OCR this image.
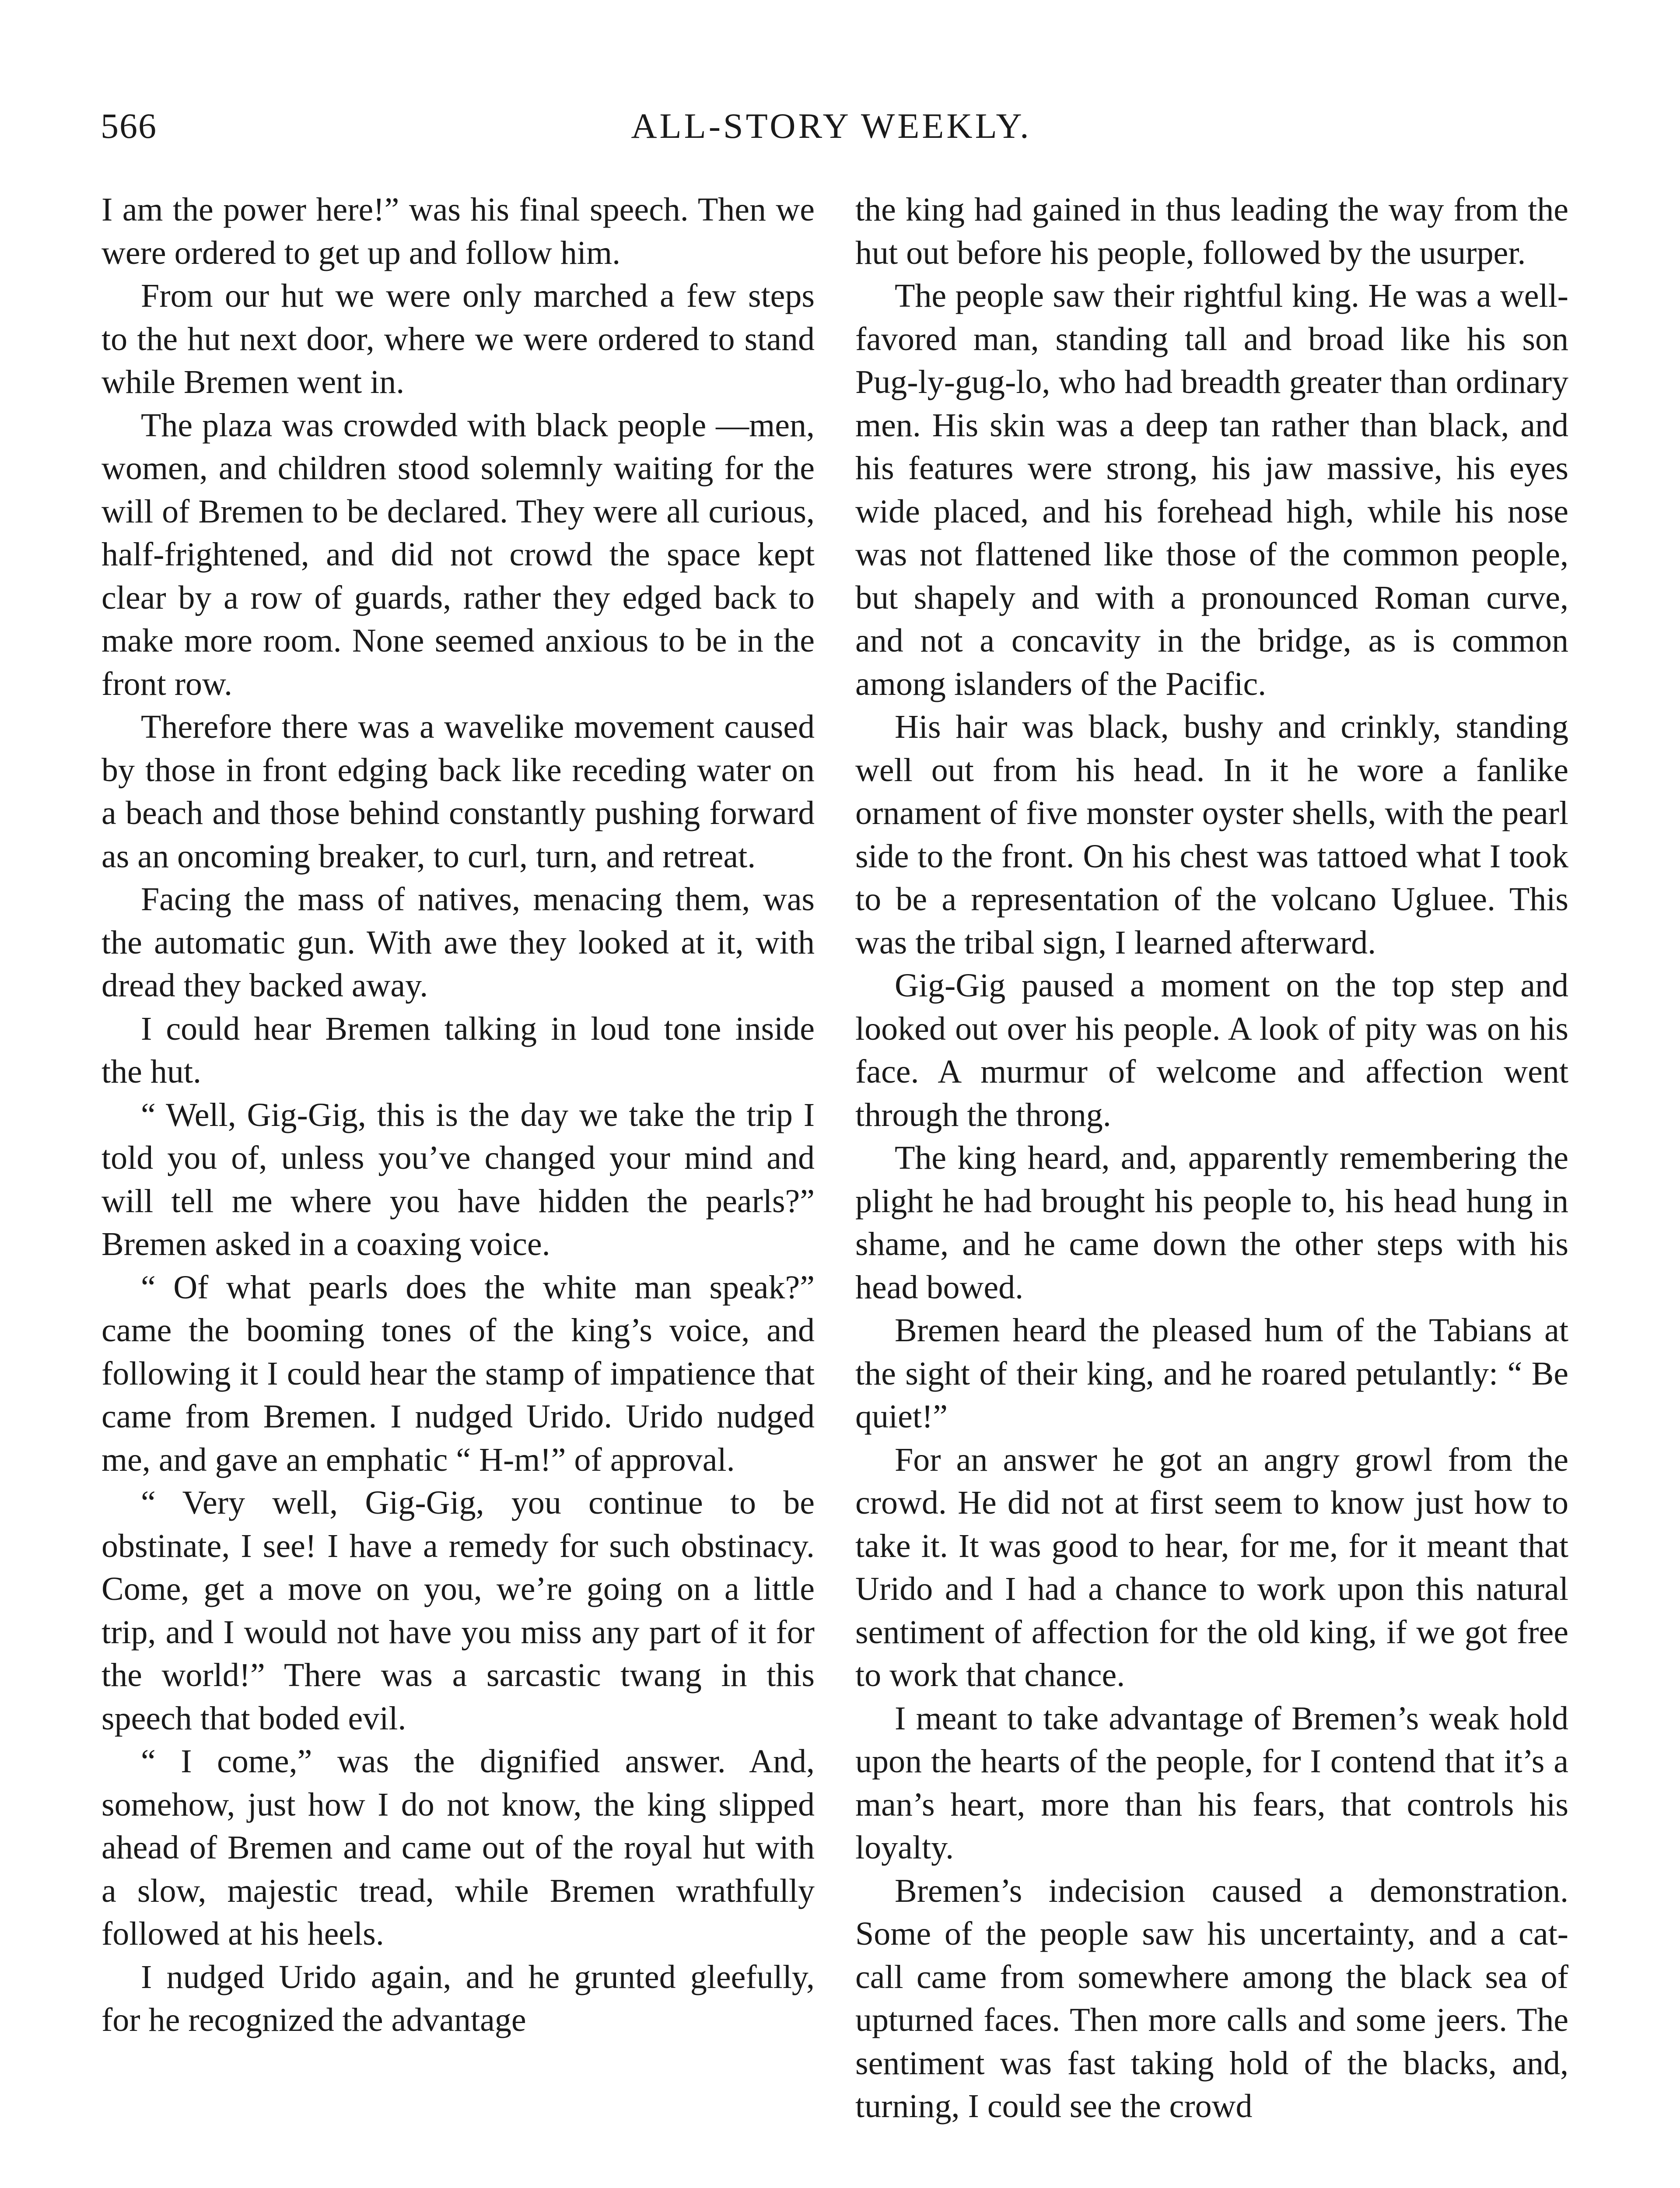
566	ALL-STORY WEEKLY.

I am the power here!” was his final speech. Then we were ordered to get up and follow him.

From our hut we were only marched a few steps to the hut next door, where we were ordered to stand while Bremen went in.

The plaza was crowded with black people —men, women, and children stood solemnly waiting for the will of Bremen to be declared. They were all curious, half-frightened, and did not crowd the space kept clear by a row of guards, rather they edged back to make more room. None seemed anxious to be in the front row.

Therefore there was a wavelike movement caused by those in front edging back like receding water on a beach and those behind constantly pushing forward as an oncoming breaker, to curl, turn, and retreat.

Facing the mass of natives, menacing them, was the automatic gun. With awe they looked at it, with dread they backed away.

I could hear Bremen talking in loud tone inside the hut.

“ Well, Gig-Gig, this is the day we take the trip I told you of, unless you’ve changed your mind and will tell me where you have hidden the pearls?” Bremen asked in a coaxing voice.

“ Of what pearls does the white man speak?” came the booming tones of the king’s voice, and following it I could hear the stamp of impatience that came from Bremen. I nudged Urido. Urido nudged me, and gave an emphatic “ H-m!” of approval.

“ Very well, Gig-Gig, you continue to be obstinate, I see! I have a remedy for such obstinacy. Come, get a move on you, we’re going on a little trip, and I would not have you miss any part of it for the world!” There was a sarcastic twang in this speech that boded evil.

“ I come,” was the dignified answer. And, somehow, just how I do not know, the king slipped ahead of Bremen and came out of the royal hut with a slow, majestic tread, while Bremen wrathfully followed at his heels.

I nudged Urido again, and he grunted gleefully, for he recognized the advantage

the king had gained in thus leading the way from the hut out before his people, followed by the usurper.

The people saw their rightful king. He was a well-favored man, standing tall and broad like his son Pug-ly-gug-lo, who had breadth greater than ordinary men. His skin was a deep tan rather than black, and his features were strong, his jaw massive, his eyes wide placed, and his forehead high, while his nose was not flattened like those of the common people, but shapely and with a pronounced Roman curve, and not a concavity in the bridge, as is common among islanders of the Pacific.

His hair was black, bushy and crinkly, standing well out from his head. In it he wore a fanlike ornament of five monster oyster shells, with the pearl side to the front. On his chest was tattoed what I took to be a representation of the volcano Ugluee. This was the tribal sign, I learned afterward.

Gig-Gig paused a moment on the top step and looked out over his people. A look of pity was on his face. A murmur of welcome and affection went through the throng.

The king heard, and, apparently remembering the plight he had brought his people to, his head hung in shame, and he came down the other steps with his head bowed.

Bremen heard the pleased hum of the Tabians at the sight of their king, and he roared petulantly: “ Be quiet!”

For an answer he got an angry growl from the crowd. He did not at first seem to know just how to take it. It was good to hear, for me, for it meant that Urido and I had a chance to work upon this natural sentiment of affection for the old king, if we got free to work that chance.

I meant to take advantage of Bremen’s weak hold upon the hearts of the people, for I contend that it’s a man’s heart, more than his fears, that controls his loyalty.

Bremen’s indecision caused a demonstration. Some of the people saw his uncertainty, and a cat-call came from somewhere among the black sea of upturned faces. Then more calls and some jeers. The sentiment was fast taking hold of the blacks, and, turning, I could see the crowd
